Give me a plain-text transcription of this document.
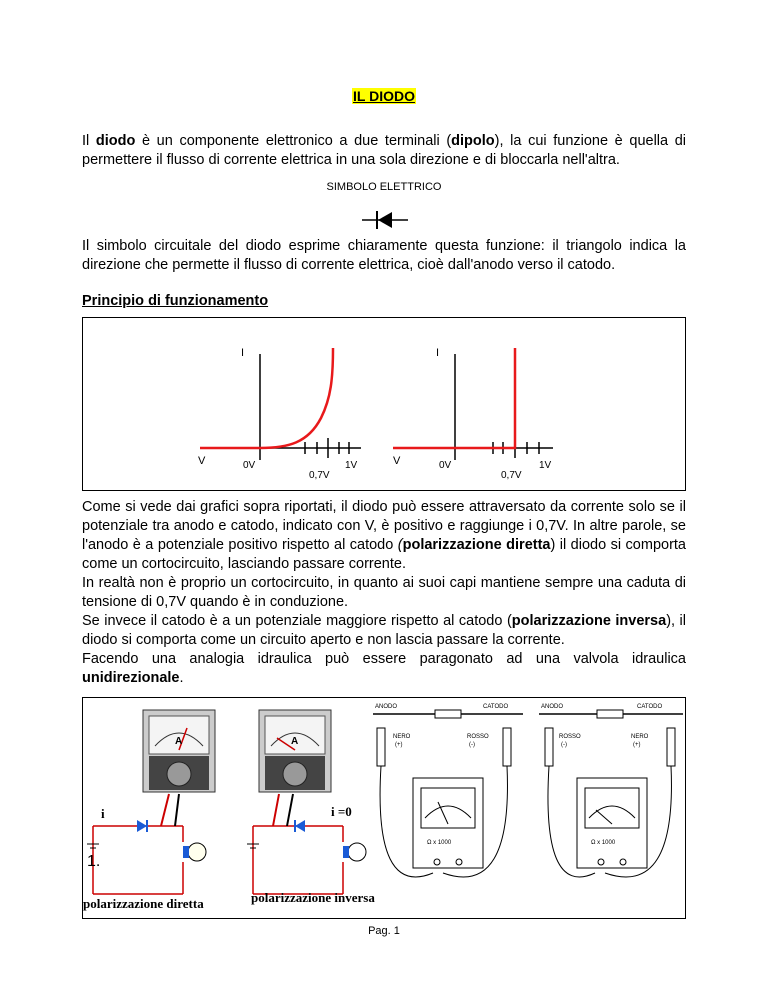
IL DIODO
Il diodo è un componente elettronico a due terminali (dipolo), la cui funzione è quella di permettere il flusso di corrente elettrica in una sola direzione e di bloccarla nell'altra.
SIMBOLO ELETTRICO
Il simbolo circuitale del diodo esprime chiaramente questa funzione: il triangolo indica la direzione che permette il flusso di corrente elettrica, cioè dall'anodo verso il catodo.
Principio di funzionamento
I
V	0V
0,7V
1V
I
V	0V
0,7V
1V
Come si vede dai grafici sopra riportati, il diodo può essere attraversato da corrente solo se il potenziale tra anodo e catodo, indicato con V, è positivo e raggiunge i 0,7V. In altre parole, se l'anodo è a potenziale positivo rispetto al catodo (polarizzazione diretta) il diodo si comporta come un cortocircuito, lasciando passare corrente.
In realtà non è proprio un cortocircuito, in quanto ai suoi capi mantiene sempre una caduta di tensione di 0,7V quando è in conduzione.
Se invece il catodo è a un potenziale maggiore rispetto al catodo (polarizzazione inversa), il diodo si comporta come un circuito aperto e non lascia passare la corrente.
Facendo una analogia idraulica può essere paragonato ad una valvola idraulica unidirezionale.
A	A
i
1.
i =0
polarizzazione diretta	polarizzazione inversa
ANODO	CATODO
NERO
(+)
ROSSO
(-)
Ω x 1000
ANODO	CATODO
ROSSO
(-)
NERO
(+)
Ω x 1000
Pag. 1
